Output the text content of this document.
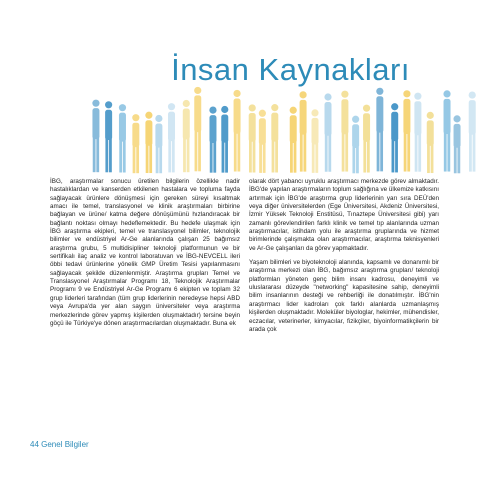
İnsan Kaynakları

İBG, araştırmalar sonucu üretilen bilgilerin özellikle nadir hastalıklardan ve kanserden etkilenen hastalara ve topluma fayda sağlayacak ürünlere dönüşmesi için gereken süreyi kısaltmak amacı ile temel, translasyonel ve klinik araştırmaları birbirine bağlayan ve ürüne/ katma değere dönüşümünü hızlandıracak bir bağlantı noktası olmayı hedeflemektedir. Bu hedefe ulaşmak için İBG araştırma ekipleri, temel ve translasyonel bilimler, teknolojik bilimler ve endüstriyel Ar-Ge alanlarında çalışan 25 bağımsız araştırma grubu, 5 multidisipliner teknoloji platformunun ve bir sertifikalı ilaç analiz ve kontrol laboratuvarı ve İBG-NEVCELL ileri öbbi tedavi ürünlerine yönelik GMP Üretim Tesisi yapılanmasını sağlayacak şekilde düzenlenmiştir. Araştırma grupları Temel ve Translasyonel Araştırmalar Programı 18, Teknolojik Araştırmalar Programı 9 ve Endüstriyel Ar-Ge Programı 6 ekipten ve toplam 32 grup liderleri tarafından (tüm grup liderlerinin neredeyse hepsi ABD veya Avrupa'da yer alan saygın üniversiteler veya araştırma merkezlerinde görev yapmış kişilerden oluşmaktadır) tersine beyin göçü ile Türkiye'ye dönen araştırmacılardan oluşmaktadır. Buna ek

olarak dört yabancı uyruklu araştırmacı merkezde görev almaktadır. İBG'de yapılan araştırmaların toplum sağlığına ve ülkemize katkısını artırmak için İBG'de araştırma grup liderlerinin yarı sıra DEÜ'den veya diğer üniversitelerden (Ege Üniversitesi, Akdeniz Üniversitesi, İzmir Yüksek Teknoloji Enstitüsü, Tınaztepe Üniversitesi gibi) yarı zamanlı görevlendirilen farklı klinik ve temel tıp alanlarında uzman araştırmacılar, istihdam yolu ile araştırma gruplarında ve hizmet birimlerinde çalışmakta olan araştırmacılar, araştırma teknisyenleri ve Ar-Ge çalışanları da görev yapmaktadır.

Yaşam bilimleri ve biyoteknoloji alanında, kapsamlı ve donanımlı bir araştırma merkezi olan İBG, bağımsız araştırma grupları/ teknoloji platformları yöneten genç bilim insanı kadrosu, deneyimli ve uluslararası düzeyde "networking" kapasitesine sahip, deneyimli bilim insanlarının desteği ve rehberliği ile donatılmıştır. İBG'nin araştırmacı lider kadroları çok farklı alanlarda uzmanlaşmış kişilerden oluşmaktadır. Moleküler biyologlar, hekimler, mühendisler, eczacılar, veterinerler, kimyacılar, fizikçiler, biyoinformatikçilerin bir arada çok

44 Genel Bilgiler
